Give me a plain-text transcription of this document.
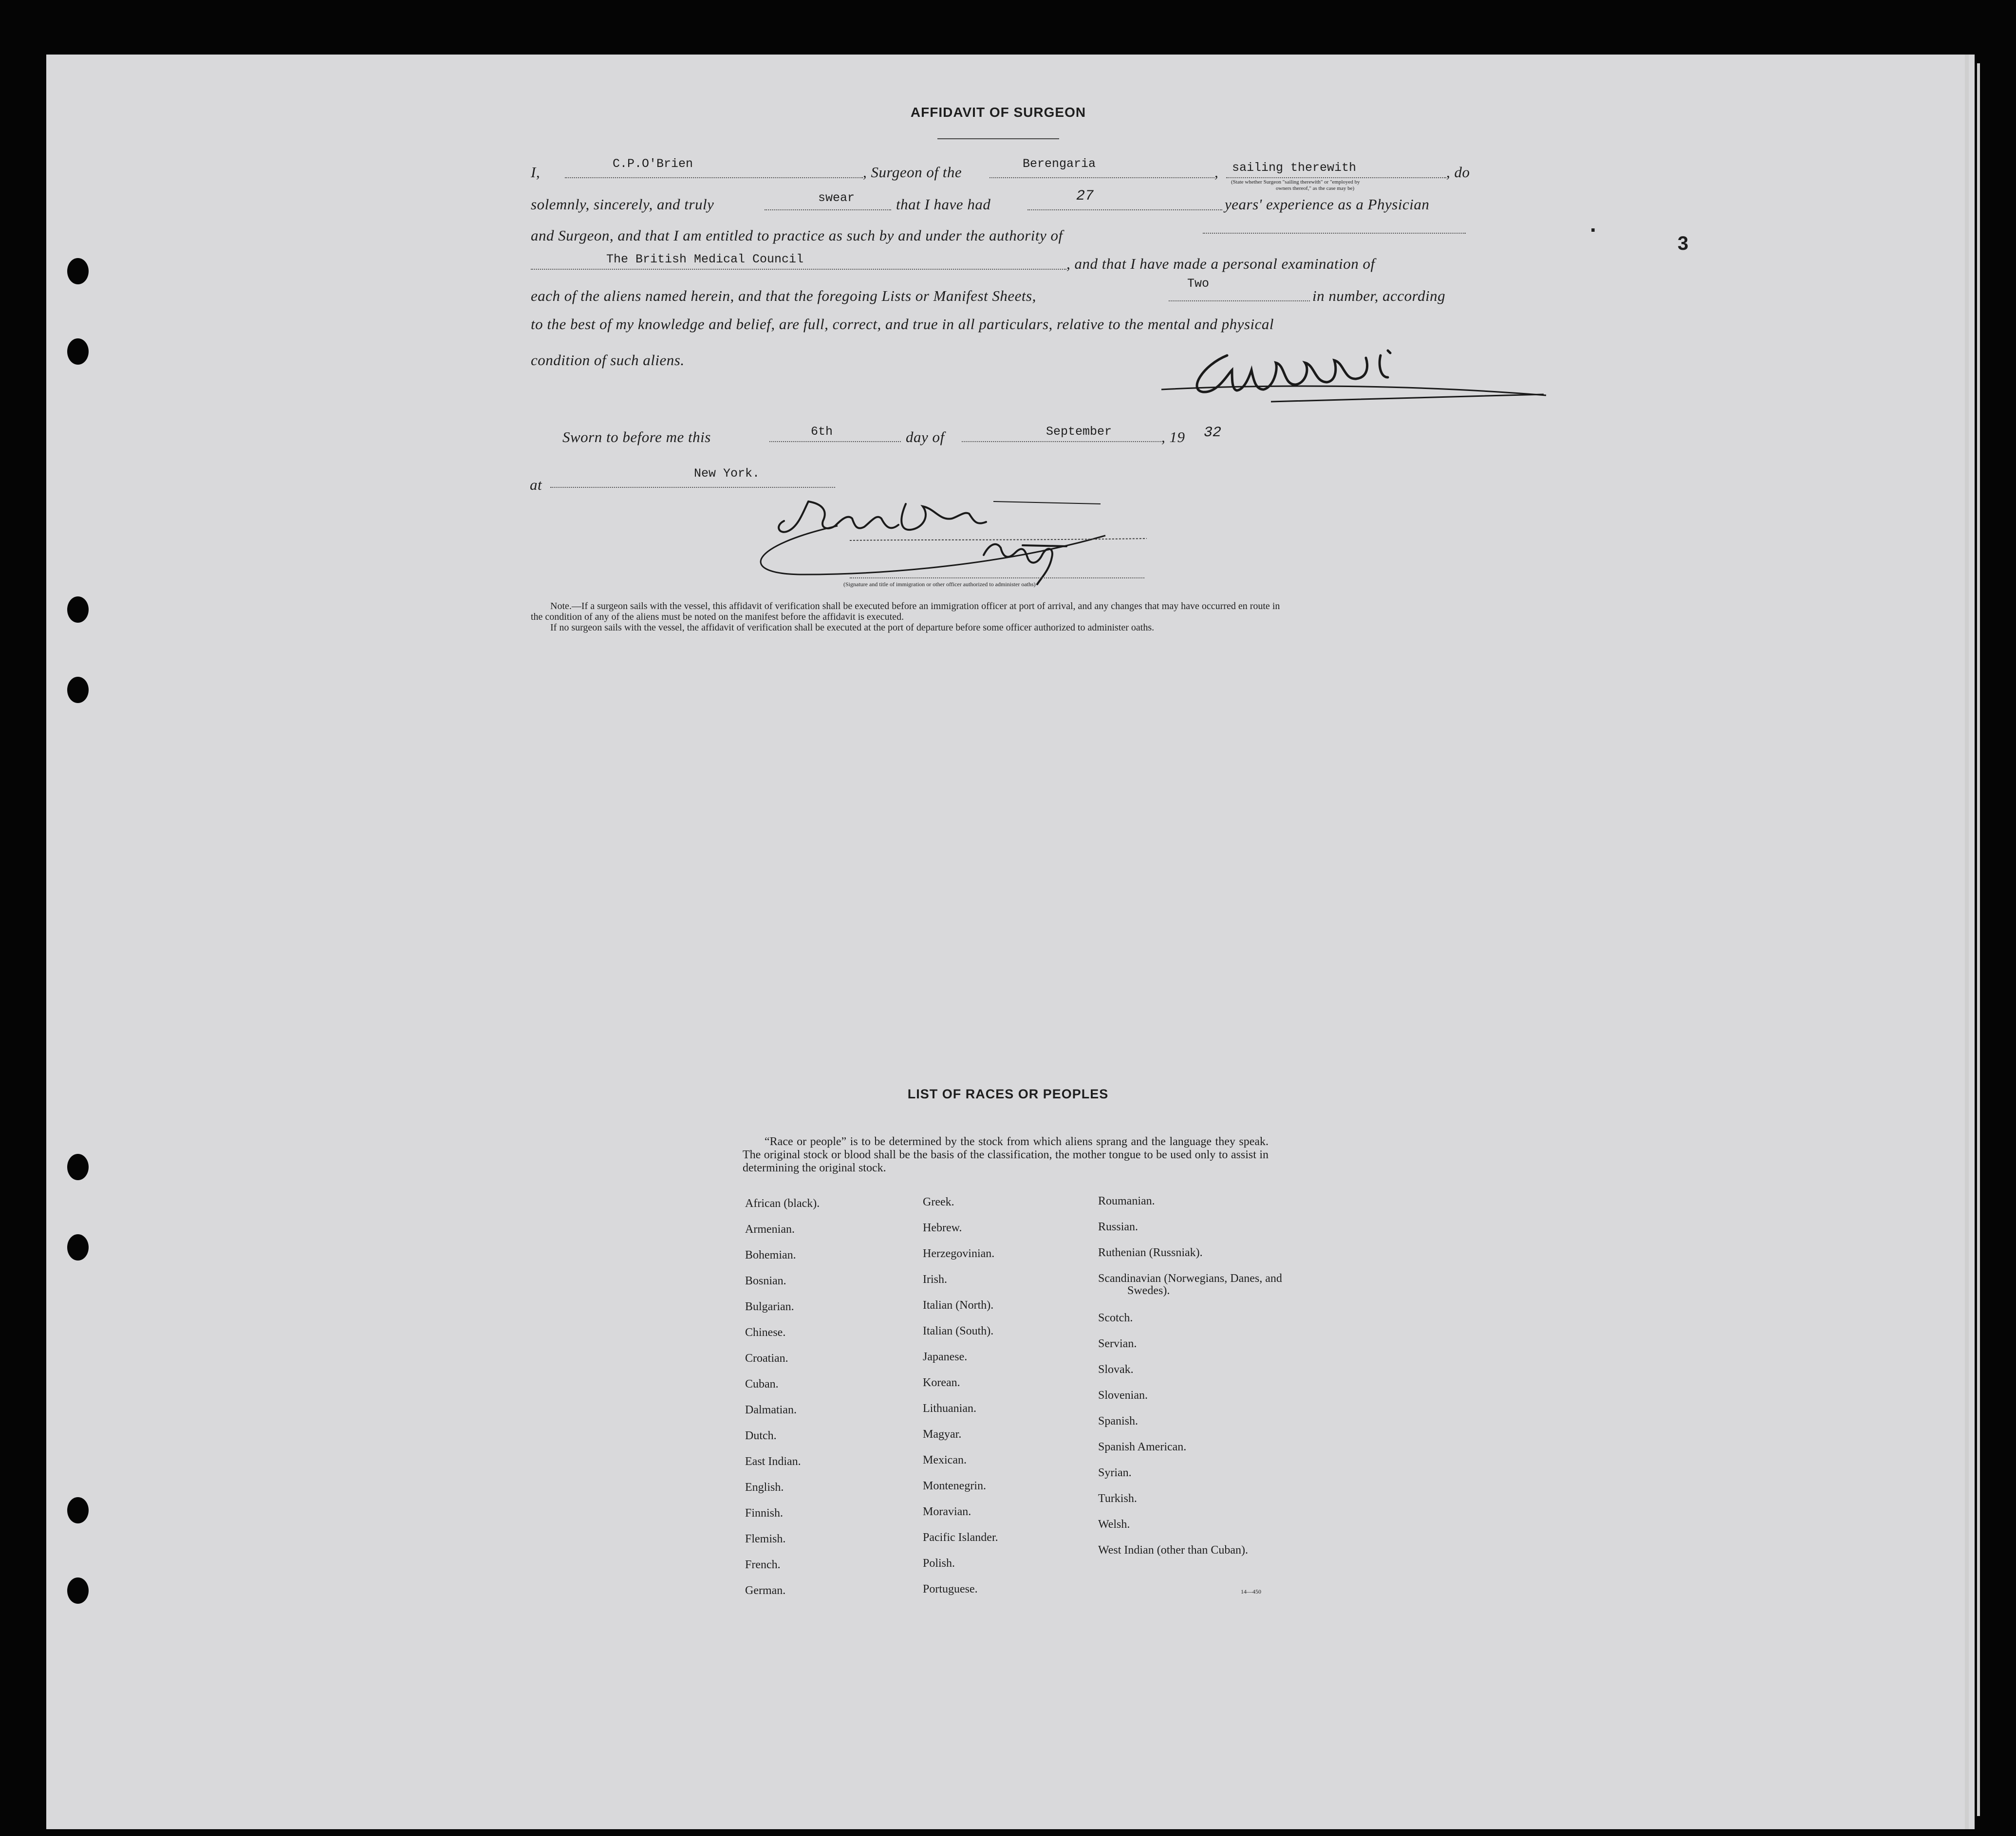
3
·
AFFIDAVIT OF SURGEON
I,	C.P.O'Brien	, Surgeon of the	Berengaria	, sailing therewith	, do
(State whether Surgeon "sailing therewith" or "employed by
owners thereof," as the case may be)
solemnly, sincerely, and truly	swear	that I have had	27	years' experience as a Physician
and Surgeon, and that I am entitled to practice as such by and under the authority of
The British Medical Council	, and that I have made a personal examination of
each of the aliens named herein, and that the foregoing Lists or Manifest Sheets,
Two
in number, according
to the best of my knowledge and belief, are full, correct, and true in all particulars, relative to the mental and physical
condition of such aliens.
Sworn to before me this	6th	day of	September	, 19 32
at
New York.
(Signature and title of immigration or other officer authorized to administer oaths)
Note.—If a surgeon sails with the vessel, this affidavit of verification shall be executed before an immigration officer at port of arrival, and any changes that may have occurred en route in
the condition of any of the aliens must be noted on the manifest before the affidavit is executed.
If no surgeon sails with the vessel, the affidavit of verification shall be executed at the port of departure before some officer authorized to administer oaths.
LIST OF RACES OR PEOPLES
“Race or people” is to be determined by the stock from which aliens sprang and the language they speak. The original stock or blood shall be the basis of the classification, the mother tongue to be used only to assist in determining the original stock.
African (black).
Armenian.
Bohemian.
Bosnian.
Bulgarian.
Chinese.
Croatian.
Cuban.
Dalmatian.
Dutch.
East Indian.
English.
Finnish.
Flemish.
French.
German.
Greek.
Hebrew.
Herzegovinian.
Irish.
Italian (North).
Italian (South).
Japanese.
Korean.
Lithuanian.
Magyar.
Mexican.
Montenegrin.
Moravian.
Pacific Islander.
Polish.
Portuguese.
Roumanian.
Russian.
Ruthenian (Russniak).
Scandinavian (Norwegians, Danes, and Swedes).
Scotch.
Servian.
Slovak.
Slovenian.
Spanish.
Spanish American.
Syrian.
Turkish.
Welsh.
West Indian (other than Cuban).
14—450
